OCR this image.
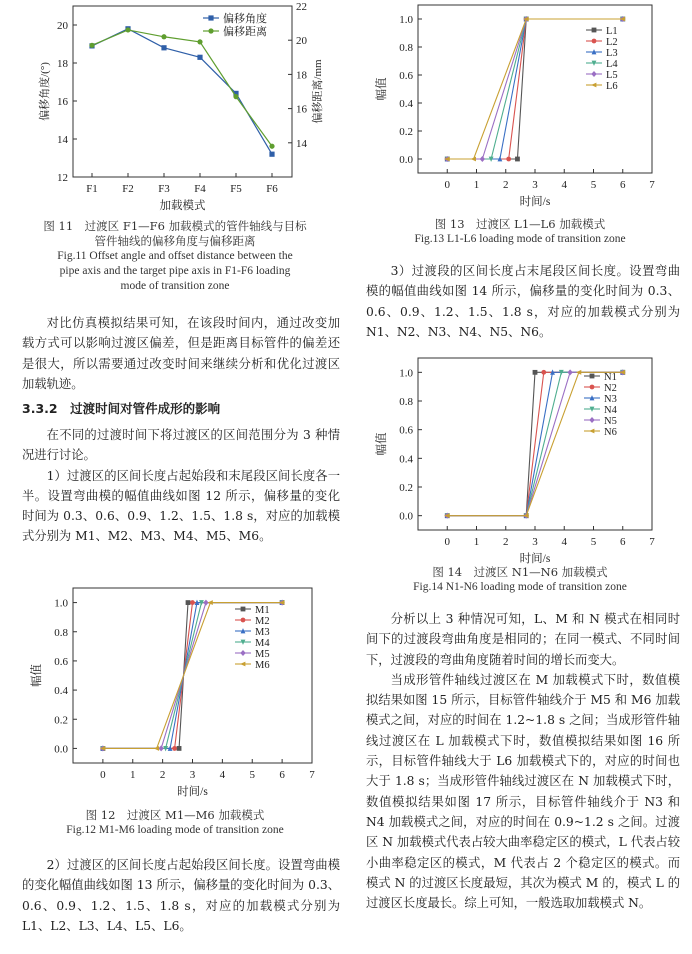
12
14
16
18
20
14
16
18
20
22
F1 F2 F3 F4 F5 F6
加载模式
偏移角度/(°)	偏移距离/mm
偏移角度
偏移距离
图 11　过渡区 F1—F6 加载模式的管件轴线与目标
管件轴线的偏移角度与偏移距离
Fig.11 Offset angle and offset distance between the
pipe axis and the target pipe axis in F1-F6 loading
mode of transition zone

对比仿真模拟结果可知，在该段时间内，通过改变加载方式可以影响过渡区偏差，但是距离目标管件的偏差还是很大，所以需要通过改变时间来继续分析和优化过渡区加载轨迹。

3.3.2　过渡时间对管件成形的影响

在不同的过渡时间下将过渡区的区间范围分为 3 种情况进行讨论。

1）过渡区的区间长度占起始段和末尾段区间长度各一半。设置弯曲模的幅值曲线如图 12 所示，偏移量的变化时间为 0.3、0.6、0.9、1.2、1.5、1.8 s，对应的加载模式分别为 M1、M2、M3、M4、M5、M6。

0 1 2 3 4 5 6 7
0.0
0.2
0.4
0.6
0.8
1.0
时间/s
幅值
M1
M2
M3
M4
M5
M6
图 12　过渡区 M1—M6 加载模式
Fig.12 M1-M6 loading mode of transition zone

2）过渡区的区间长度占起始段区间长度。设置弯曲模的变化幅值曲线如图 13 所示，偏移量的变化时间为 0.3、0.6、0.9、1.2、1.5、1.8 s，对应的加载模式分别为 L1、L2、L3、L4、L5、L6。

0 1 2 3 4 5 6 7
0.0
0.2
0.4
0.6
0.8
1.0
时间/s
幅值
L1
L2
L3
L4
L5
L6
图 13　过渡区 L1—L6 加载模式
Fig.13 L1-L6 loading mode of transition zone

3）过渡段的区间长度占末尾段区间长度。设置弯曲模的幅值曲线如图 14 所示，偏移量的变化时间为 0.3、0.6、0.9、1.2、1.5、1.8 s，对应的加载模式分别为 N1、N2、N3、N4、N5、N6。

0 1 2 3 4 5 6 7
0.0
0.2
0.4
0.6
0.8
1.0
时间/s
幅值
N1
N2
N3
N4
N5
N6
图 14　过渡区 N1—N6 加载模式
Fig.14 N1-N6 loading mode of transition zone

分析以上 3 种情况可知，L、M 和 N 模式在相同时间下的过渡段弯曲角度是相同的；在同一模式、不同时间下，过渡段的弯曲角度随着时间的增长而变大。

当成形管件轴线过渡区在 M 加载模式下时，数值模拟结果如图 15 所示，目标管件轴线介于 M5 和 M6 加载模式之间，对应的时间在 1.2~1.8 s 之间；当成形管件轴线过渡区在 L 加载模式下时，数值模拟结果如图 16 所示，目标管件轴线大于 L6 加载模式下的，对应的时间也大于 1.8 s；当成形管件轴线过渡区在 N 加载模式下时，数值模拟结果如图 17 所示，目标管件轴线介于 N3 和 N4 加载模式之间，对应的时间在 0.9~1.2 s 之间。过渡区 N 加载模式代表占较大曲率稳定区的模式，L 代表占较小曲率稳定区的模式，M 代表占 2 个稳定区的模式。而模式 N 的过渡区长度最短，其次为模式 M 的，模式 L 的过渡区长度最长。综上可知，一般选取加载模式 N。
